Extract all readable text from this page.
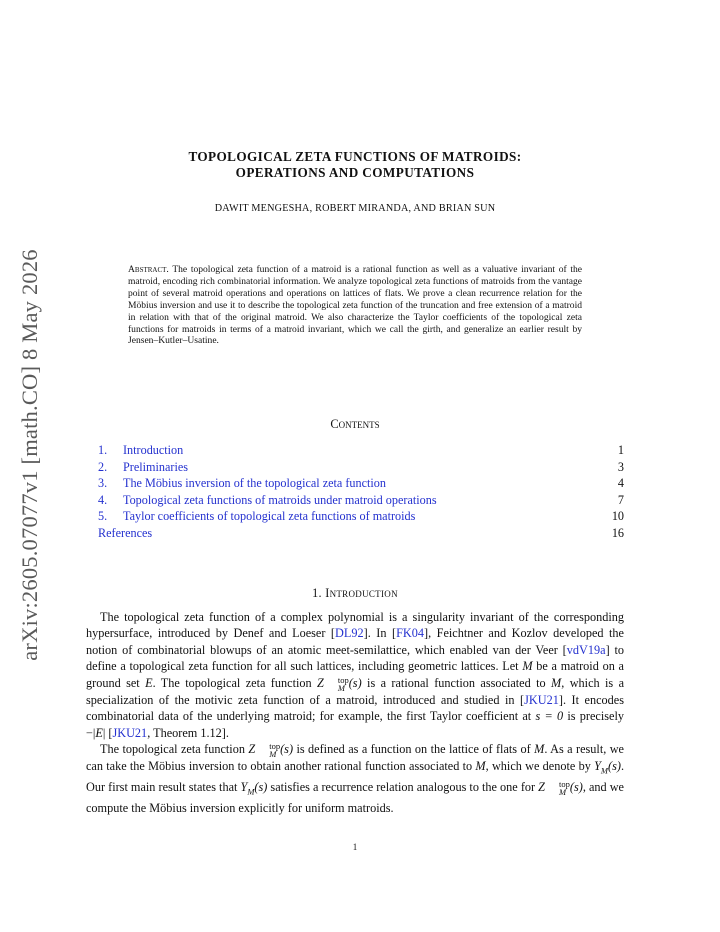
arXiv:2605.07077v1 [math.CO] 8 May 2026
TOPOLOGICAL ZETA FUNCTIONS OF MATROIDS:
OPERATIONS AND COMPUTATIONS
DAWIT MENGESHA, ROBERT MIRANDA, AND BRIAN SUN
Abstract. The topological zeta function of a matroid is a rational function as well as a valuative invariant of the matroid, encoding rich combinatorial information. We analyze topological zeta functions of matroids from the vantage point of several matroid operations and operations on lattices of flats. We prove a clean recurrence relation for the Möbius inversion and use it to describe the topological zeta function of the truncation and free extension of a matroid in relation with that of the original matroid. We also characterize the Taylor coefficients of the topological zeta functions for matroids in terms of a matroid invariant, which we call the girth, and generalize an earlier result by Jensen–Kutler–Usatine.
Contents
1. Introduction	1
2. Preliminaries	3
3. The Möbius inversion of the topological zeta function	4
4. Topological zeta functions of matroids under matroid operations	7
5. Taylor coefficients of topological zeta functions of matroids	10
References	16
1. Introduction

The topological zeta function of a complex polynomial is a singularity invariant of the corresponding hypersurface, introduced by Denef and Loeser [DL92]. In [FK04], Feichtner and Kozlov developed the notion of combinatorial blowups of an atomic meet-semilattice, which enabled van der Veer [vdV19a] to define a topological zeta function for all such lattices, including geometric lattices. Let M be a matroid on a ground set E. The topological zeta function Z	top
M (s) is a rational function associated to M, which is a specialization of the motivic zeta function of a matroid, introduced and studied in [JKU21]. It encodes combinatorial data of the underlying matroid; for example, the first Taylor coefficient at s = 0 is precisely −|E| [JKU21, Theorem 1.12].

The topological zeta function Z	top
M (s) is defined as a function on the lattice of flats of M. As a result, we can take the Möbius inversion to obtain another rational function associated to M, which we denote by $Y_M(s)$. Our first main result states that $Y_M(s)$ satisfies a recurrence relation analogous to the one for Z	top
M (s), and we compute the Möbius inversion explicitly for uniform matroids.

1
